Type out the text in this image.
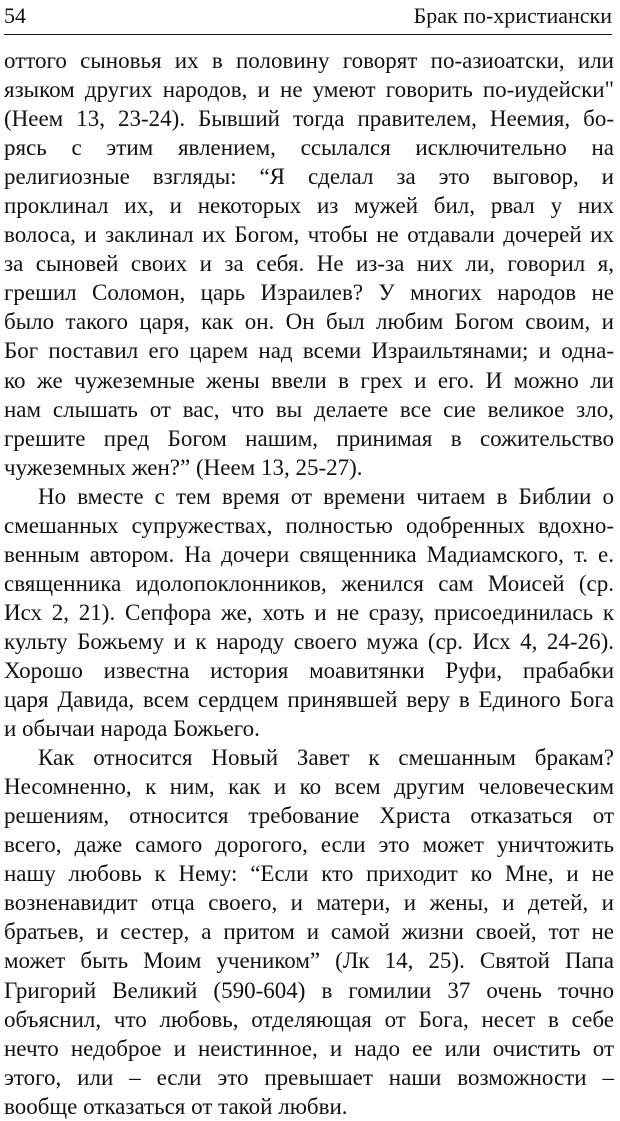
54	Брак по-христиански
оттого сыновья их в половину говорят по-азиоатски, или
языком других народов, и не умеют говорить по-иудейски"
(Неем 13, 23-24). Бывший тогда правителем, Неемия, бо-
рясь с этим явлением, ссылался исключительно на
религиозные взгляды: “Я сделал за это выговор, и
проклинал их, и некоторых из мужей бил, рвал у них
волоса, и заклинал их Богом, чтобы не отдавали дочерей их
за сыновей своих и за себя. Не из-за них ли, говорил я,
грешил Соломон, царь Израилев? У многих народов не
было такого царя, как он. Он был любим Богом своим, и
Бог поставил его царем над всеми Израильтянами; и одна-
ко же чужеземные жены ввели в грех и его. И можно ли
нам слышать от вас, что вы делаете все сие великое зло,
грешите пред Богом нашим, принимая в сожительство
чужеземных жен?” (Неем 13, 25-27).
Но вместе с тем время от времени читаем в Библии о
смешанных супружествах, полностью одобренных вдохно-
венным автором. На дочери священника Мадиамского, т. е.
священника идолопоклонников, женился сам Моисей (ср.
Исх 2, 21). Сепфора же, хоть и не сразу, присоединилась к
культу Божьему и к народу своего мужа (ср. Исх 4, 24-26).
Хорошо известна история моавитянки Руфи, прабабки
царя Давида, всем сердцем принявшей веру в Единого Бога
и обычаи народа Божьего.
Как относится Новый Завет к смешанным бракам?
Несомненно, к ним, как и ко всем другим человеческим
решениям, относится требование Христа отказаться от
всего, даже самого дорогого, если это может уничтожить
нашу любовь к Нему: “Если кто приходит ко Мне, и не
возненавидит отца своего, и матери, и жены, и детей, и
братьев, и сестер, а притом и самой жизни своей, тот не
может быть Моим учеником” (Лк 14, 25). Святой Папа
Григорий Великий (590-604) в гомилии 37 очень точно
объяснил, что любовь, отделяющая от Бога, несет в себе
нечто недоброе и неистинное, и надо ее или очистить от
этого, или – если это превышает наши возможности –
вообще отказаться от такой любви.
